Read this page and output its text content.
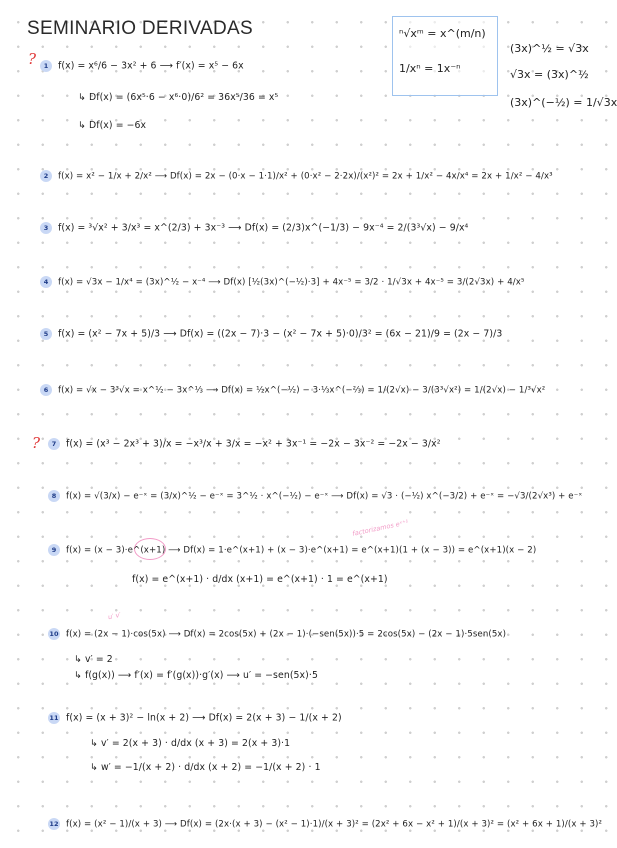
SEMINARIO DERIVADAS	ⁿ√xᵐ = x^(m/n)
1/xⁿ = 1x⁻ⁿ
(3x)^½ = √3x
√3x = (3x)^½
(3x)^(−½) = 1/√3x
?
?
1 f(x) = x⁶/6 − 3x² + 6 ⟶ f′(x) = x⁵ − 6x
↳ Df(x) = (6x⁵·6 − x⁶·0)/6² = 36x⁵/36 = x⁵
↳ Df(x) = −6x
2 f(x) = x² − 1/x + 2/x² ⟶ Df(x) = 2x − (0·x − 1·1)/x² + (0·x² − 2·2x)/(x²)² = 2x + 1/x² − 4x/x⁴ = 2x + 1/x² − 4/x³
3 f(x) = ³√x² + 3/x³ = x^(2/3) + 3x⁻³ ⟶ Df(x) = (2/3)x^(−1/3) − 9x⁻⁴ = 2/(3³√x) − 9/x⁴
4 f(x) = √3x − 1/x⁴ = (3x)^½ − x⁻⁴ ⟶ Df(x) [½(3x)^(−½)·3] + 4x⁻⁵ = 3/2 · 1/√3x + 4x⁻⁵ = 3/(2√3x) + 4/x⁵
5 f(x) = (x² − 7x + 5)/3 ⟶ Df(x) = ((2x − 7)·3 − (x² − 7x + 5)·0)/3² = (6x − 21)/9 = (2x − 7)/3
6 f(x) = √x − 3³√x = x^½ − 3x^⅓ ⟶ Df(x) = ½x^(−½) − 3·⅓x^(−⅔) = 1/(2√x) − 3/(3³√x²) = 1/(2√x) − 1/³√x²
7 f(x) = (x³ − 2x³ + 3)/x = −x³/x + 3/x = −x² + 3x⁻¹ = −2x − 3x⁻² = −2x − 3/x²
8 f(x) = √(3/x) − e⁻ˣ = (3/x)^½ − e⁻ˣ = 3^½ · x^(−½) − e⁻ˣ ⟶ Df(x) = √3 · (−½) x^(−3/2) + e⁻ˣ = −√3/(2√x³) + e⁻ˣ
factorizamos eˣ⁺¹
9 f(x) = (x − 3)·e^(x+1) ⟶ Df(x) = 1·e^(x+1) + (x − 3)·e^(x+1) = e^(x+1)(1 + (x − 3)) = e^(x+1)(x − 2)
f(x) = e^(x+1) · d/dx (x+1) = e^(x+1) · 1 = e^(x+1)
u′ v′
10 f(x) = (2x − 1)·cos(5x) ⟶ Df(x) = 2cos(5x) + (2x − 1)·(−sen(5x))·5 = 2cos(5x) − (2x − 1)·5sen(5x)
↳ v′ = 2
↳ f(g(x)) ⟶ f′(x) = f′(g(x))·g′(x) ⟶ u′ = −sen(5x)·5
11 f(x) = (x + 3)² − ln(x + 2) ⟶ Df(x) = 2(x + 3) − 1/(x + 2)
↳ v′ = 2(x + 3) · d/dx (x + 3) = 2(x + 3)·1
↳ w′ = −1/(x + 2) · d/dx (x + 2) = −1/(x + 2) · 1
12 f(x) = (x² − 1)/(x + 3) ⟶ Df(x) = (2x·(x + 3) − (x² − 1)·1)/(x + 3)² = (2x² + 6x − x² + 1)/(x + 3)² = (x² + 6x + 1)/(x + 3)²
